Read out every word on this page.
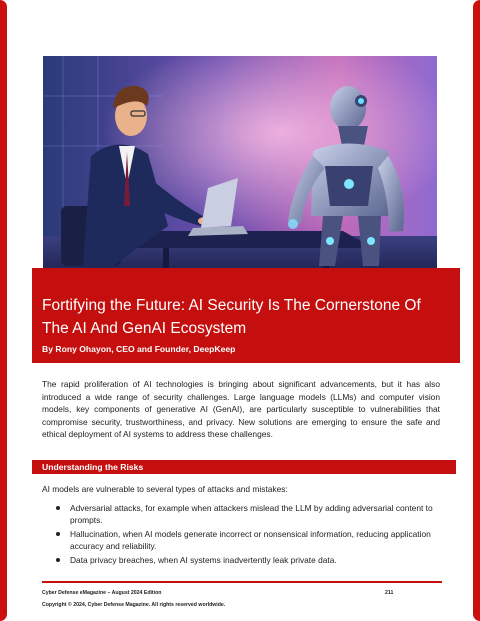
Fortifying the Future: AI Security Is The Cornerstone Of The AI And GenAI Ecosystem
By Rony Ohayon, CEO and Founder, DeepKeep

The rapid proliferation of AI technologies is bringing about significant advancements, but it has also introduced a wide range of security challenges. Large language models (LLMs) and computer vision models, key components of generative AI (GenAI), are particularly susceptible to vulnerabilities that compromise security, trustworthiness, and privacy. New solutions are emerging to ensure the safe and ethical deployment of AI systems to address these challenges.

Understanding the Risks

AI models are vulnerable to several types of attacks and mistakes:

Adversarial attacks, for example when attackers mislead the LLM by adding adversarial content to prompts.
Hallucination, when AI models generate incorrect or nonsensical information, reducing application accuracy and reliability.
Data privacy breaches, when AI systems inadvertently leak private data.
Cyber Defense eMagazine – August 2024 Edition	211
Copyright © 2024, Cyber Defense Magazine. All rights reserved worldwide.
